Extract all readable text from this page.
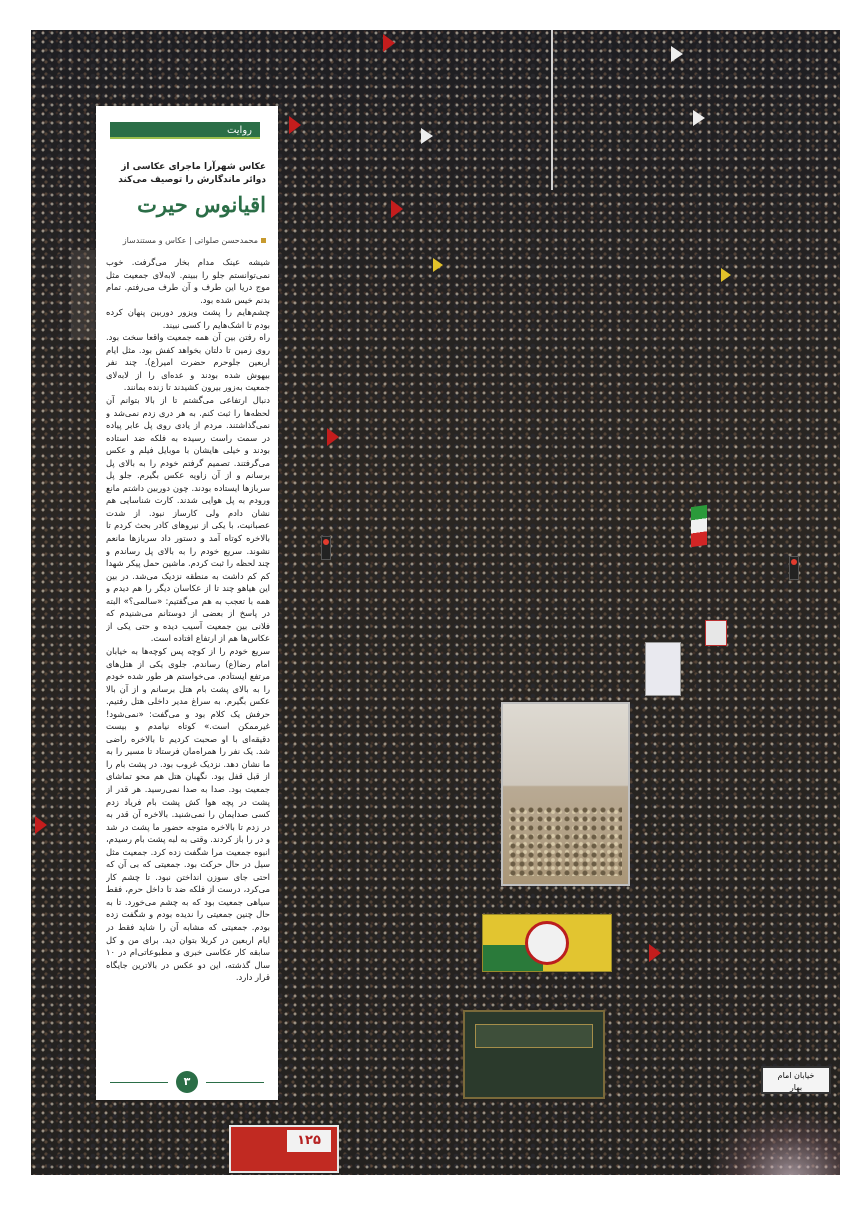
۱۲۵
خیابان امام
بهار
روایت
عکاس شهرآرا ماجرای عکاسی از دوائر ماندگارش را توصیف می‌کند
اقیانوس حیرت
محمدحسن صلواتی | عکاس و مستندساز

شیشه عینک مدام بخار می‌گرفت. خوب نمی‌توانستم جلو را ببینم. لابه‌لای جمعیت مثل موج دریا این طرف و آن طرف می‌رفتم. تمام بدنم خیس شده بود.

چشم‌هایم را پشت ویزور دوربین پنهان کرده بودم تا اشک‌هایم را کسی نبیند.

راه رفتن بین آن همه جمعیت واقعا سخت بود. روی زمین تا دلتان بخواهد کفش بود. مثل ایام اربعین جلوحرم حضرت امیر(ع). چند نفر بیهوش شده بودند و عده‌ای را از لابه‌لای جمعیت به‌زور بیرون کشیدند تا زنده بمانند.

دنبال ارتفاعی می‌گشتم تا از بالا بتوانم آن لحظه‌ها را ثبت کنم. به هر دری زدم نمی‌شد و نمی‌گذاشتند. مردم از یادی روی پل عابر پیاده در سمت راست رسیده به فلکه ضد استاده بودند و خیلی هایشان با موبایل فیلم و عکس می‌گرفتند. تصمیم گرفتم خودم را به بالای پل برسانم و از آن زاویه عکس بگیرم. جلو پل سربازها ایستاده بودند. چون دوربین داشتم مانع ورودم به پل هوایی شدند. کارت شناسایی هم نشان دادم ولی کارساز نبود. از شدت عصبانیت، با یکی از نیروهای کادر بحث کردم تا بالاخره کوتاه آمد و دستور داد سربازها مانعم نشوند. سریع خودم را به بالای پل رساندم و چند لحظه را ثبت کردم. ماشین حمل پیکر شهدا کم کم داشت به منطقه نزدیک می‌شد. در بین این هیاهو چند تا از عکاسان دیگر را هم دیدم و همه با تعجب به هم می‌گفتیم: «سالمی؟» البته در پاسخ از بعضی از دوستانم می‌شنیدم که فلانی بین جمعیت آسیب دیده و حتی یکی از عکاس‌ها هم از ارتفاع افتاده است.

سریع خودم را از کوچه پس کوچه‌ها به خیابان امام رضا(ع) رساندم. جلوی یکی از هتل‌های مرتفع ایستادم. می‌خواستم هر طور شده خودم را به بالای پشت بام هتل برسانم و از آن بالا عکس بگیرم. به سراغ مدیر داخلی هتل رفتیم. حرفش یک کلام بود و می‌گفت: «نمی‌شود! غیرممکن است.» کوتاه نیامدم و بیست دقیقه‌ای با او صحبت کردیم تا بالاخره راضی شد. یک نفر را همراه‌مان فرستاد تا مسیر را به ما نشان دهد. نزدیک غروب بود. در پشت بام را از قبل قفل بود. نگهبان هتل هم محو تماشای جمعیت بود. صدا به صدا نمی‌رسید. هر قدر از پشت در پچه هوا کش پشت بام فریاد زدم کسی صدایمان را نمی‌شنید. بالاخره آن قدر به در زدم تا بالاخره متوجه حضور ما پشت در شد و در را باز کردند. وقتی به لبه پشت بام رسیدم، انبوه جمعیت مرا شگفت زده کرد. جمعیت مثل سیل در حال حرکت بود. جمعیتی که بی آن که احتی جای سوزن انداختن نبود. تا چشم کار می‌کرد، درست از فلکه ضد تا داخل حرم، فقط سیاهی جمعیت بود که به چشم می‌خورد. تا به حال چنین جمعیتی را ندیده بودم و شگفت زده بودم. جمعیتی که مشابه آن را شاید فقط در ایام اربعین در کربلا بتوان دید. برای من و کل سابقه کار عکاسی خبری و مطبوعاتی‌ام در ۱۰ سال گذشته، این دو عکس در بالاترین جایگاه قرار دارد.

۳
